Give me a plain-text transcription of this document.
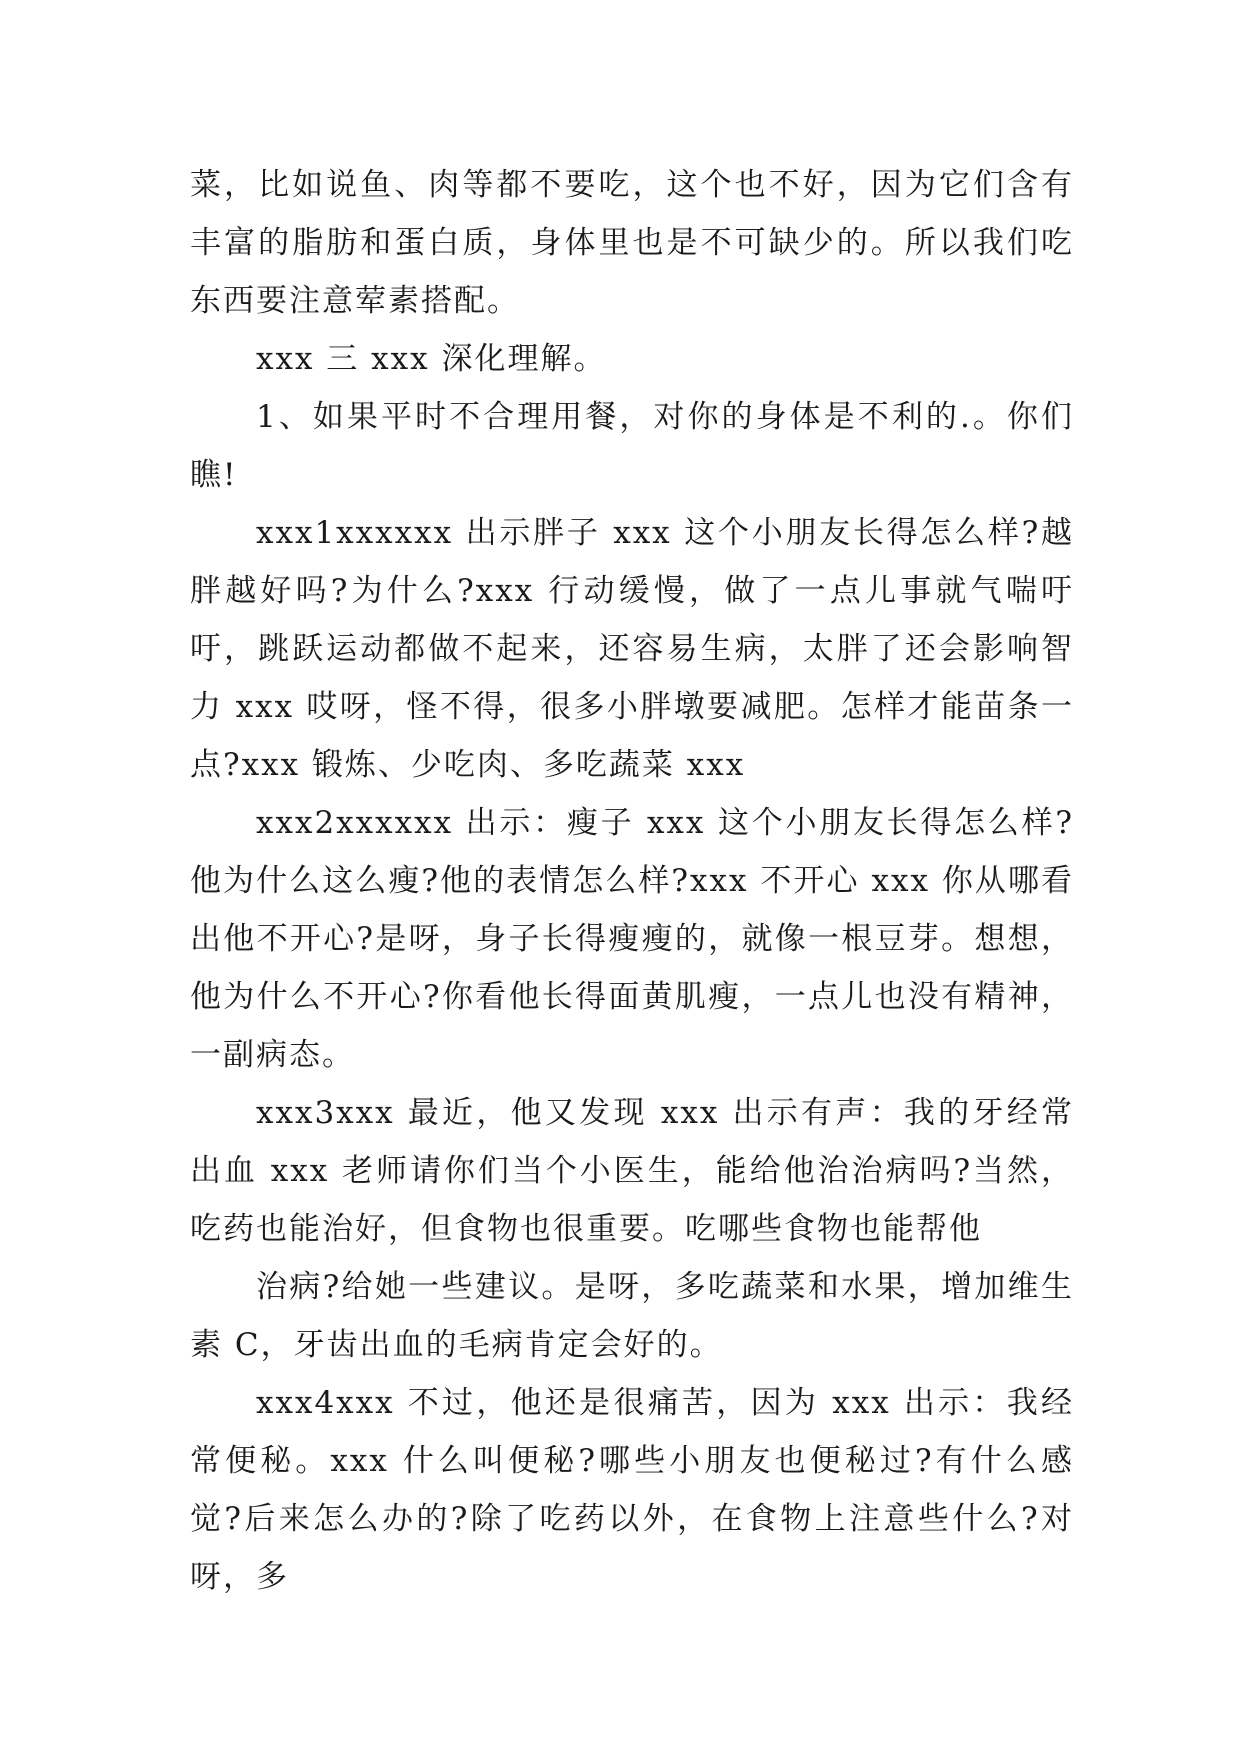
菜，比如说鱼、肉等都不要吃，这个也不好，因为它们含有丰富的脂肪和蛋白质，身体里也是不可缺少的。所以我们吃东西要注意荤素搭配。

xxx 三 xxx 深化理解。

1、如果平时不合理用餐，对你的身体是不利的.。你们瞧!

xxx1xxxxxx 出示胖子 xxx 这个小朋友长得怎么样?越胖越好吗?为什么?xxx 行动缓慢，做了一点儿事就气喘吁吁，跳跃运动都做不起来，还容易生病，太胖了还会影响智力 xxx 哎呀，怪不得，很多小胖墩要减肥。怎样才能苗条一点?xxx 锻炼、少吃肉、多吃蔬菜 xxx

xxx2xxxxxx 出示：瘦子 xxx 这个小朋友长得怎么样?他为什么这么瘦?他的表情怎么样?xxx 不开心 xxx 你从哪看出他不开心?是呀，身子长得瘦瘦的，就像一根豆芽。想想，他为什么不开心?你看他长得面黄肌瘦，一点儿也没有精神，一副病态。

xxx3xxx 最近，他又发现 xxx 出示有声：我的牙经常出血 xxx 老师请你们当个小医生，能给他治治病吗?当然，吃药也能治好，但食物也很重要。吃哪些食物也能帮他

治病?给她一些建议。是呀，多吃蔬菜和水果，增加维生素 C，牙齿出血的毛病肯定会好的。

xxx4xxx 不过，他还是很痛苦，因为 xxx 出示：我经常便秘。xxx 什么叫便秘?哪些小朋友也便秘过?有什么感觉?后来怎么办的?除了吃药以外，在食物上注意些什么?对呀，多
